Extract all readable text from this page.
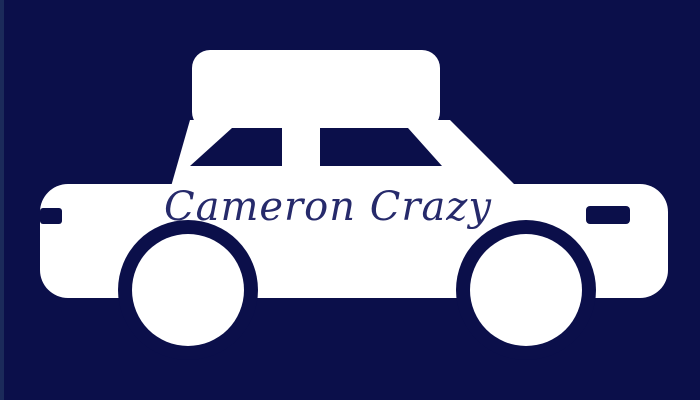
Cameron Crazy
